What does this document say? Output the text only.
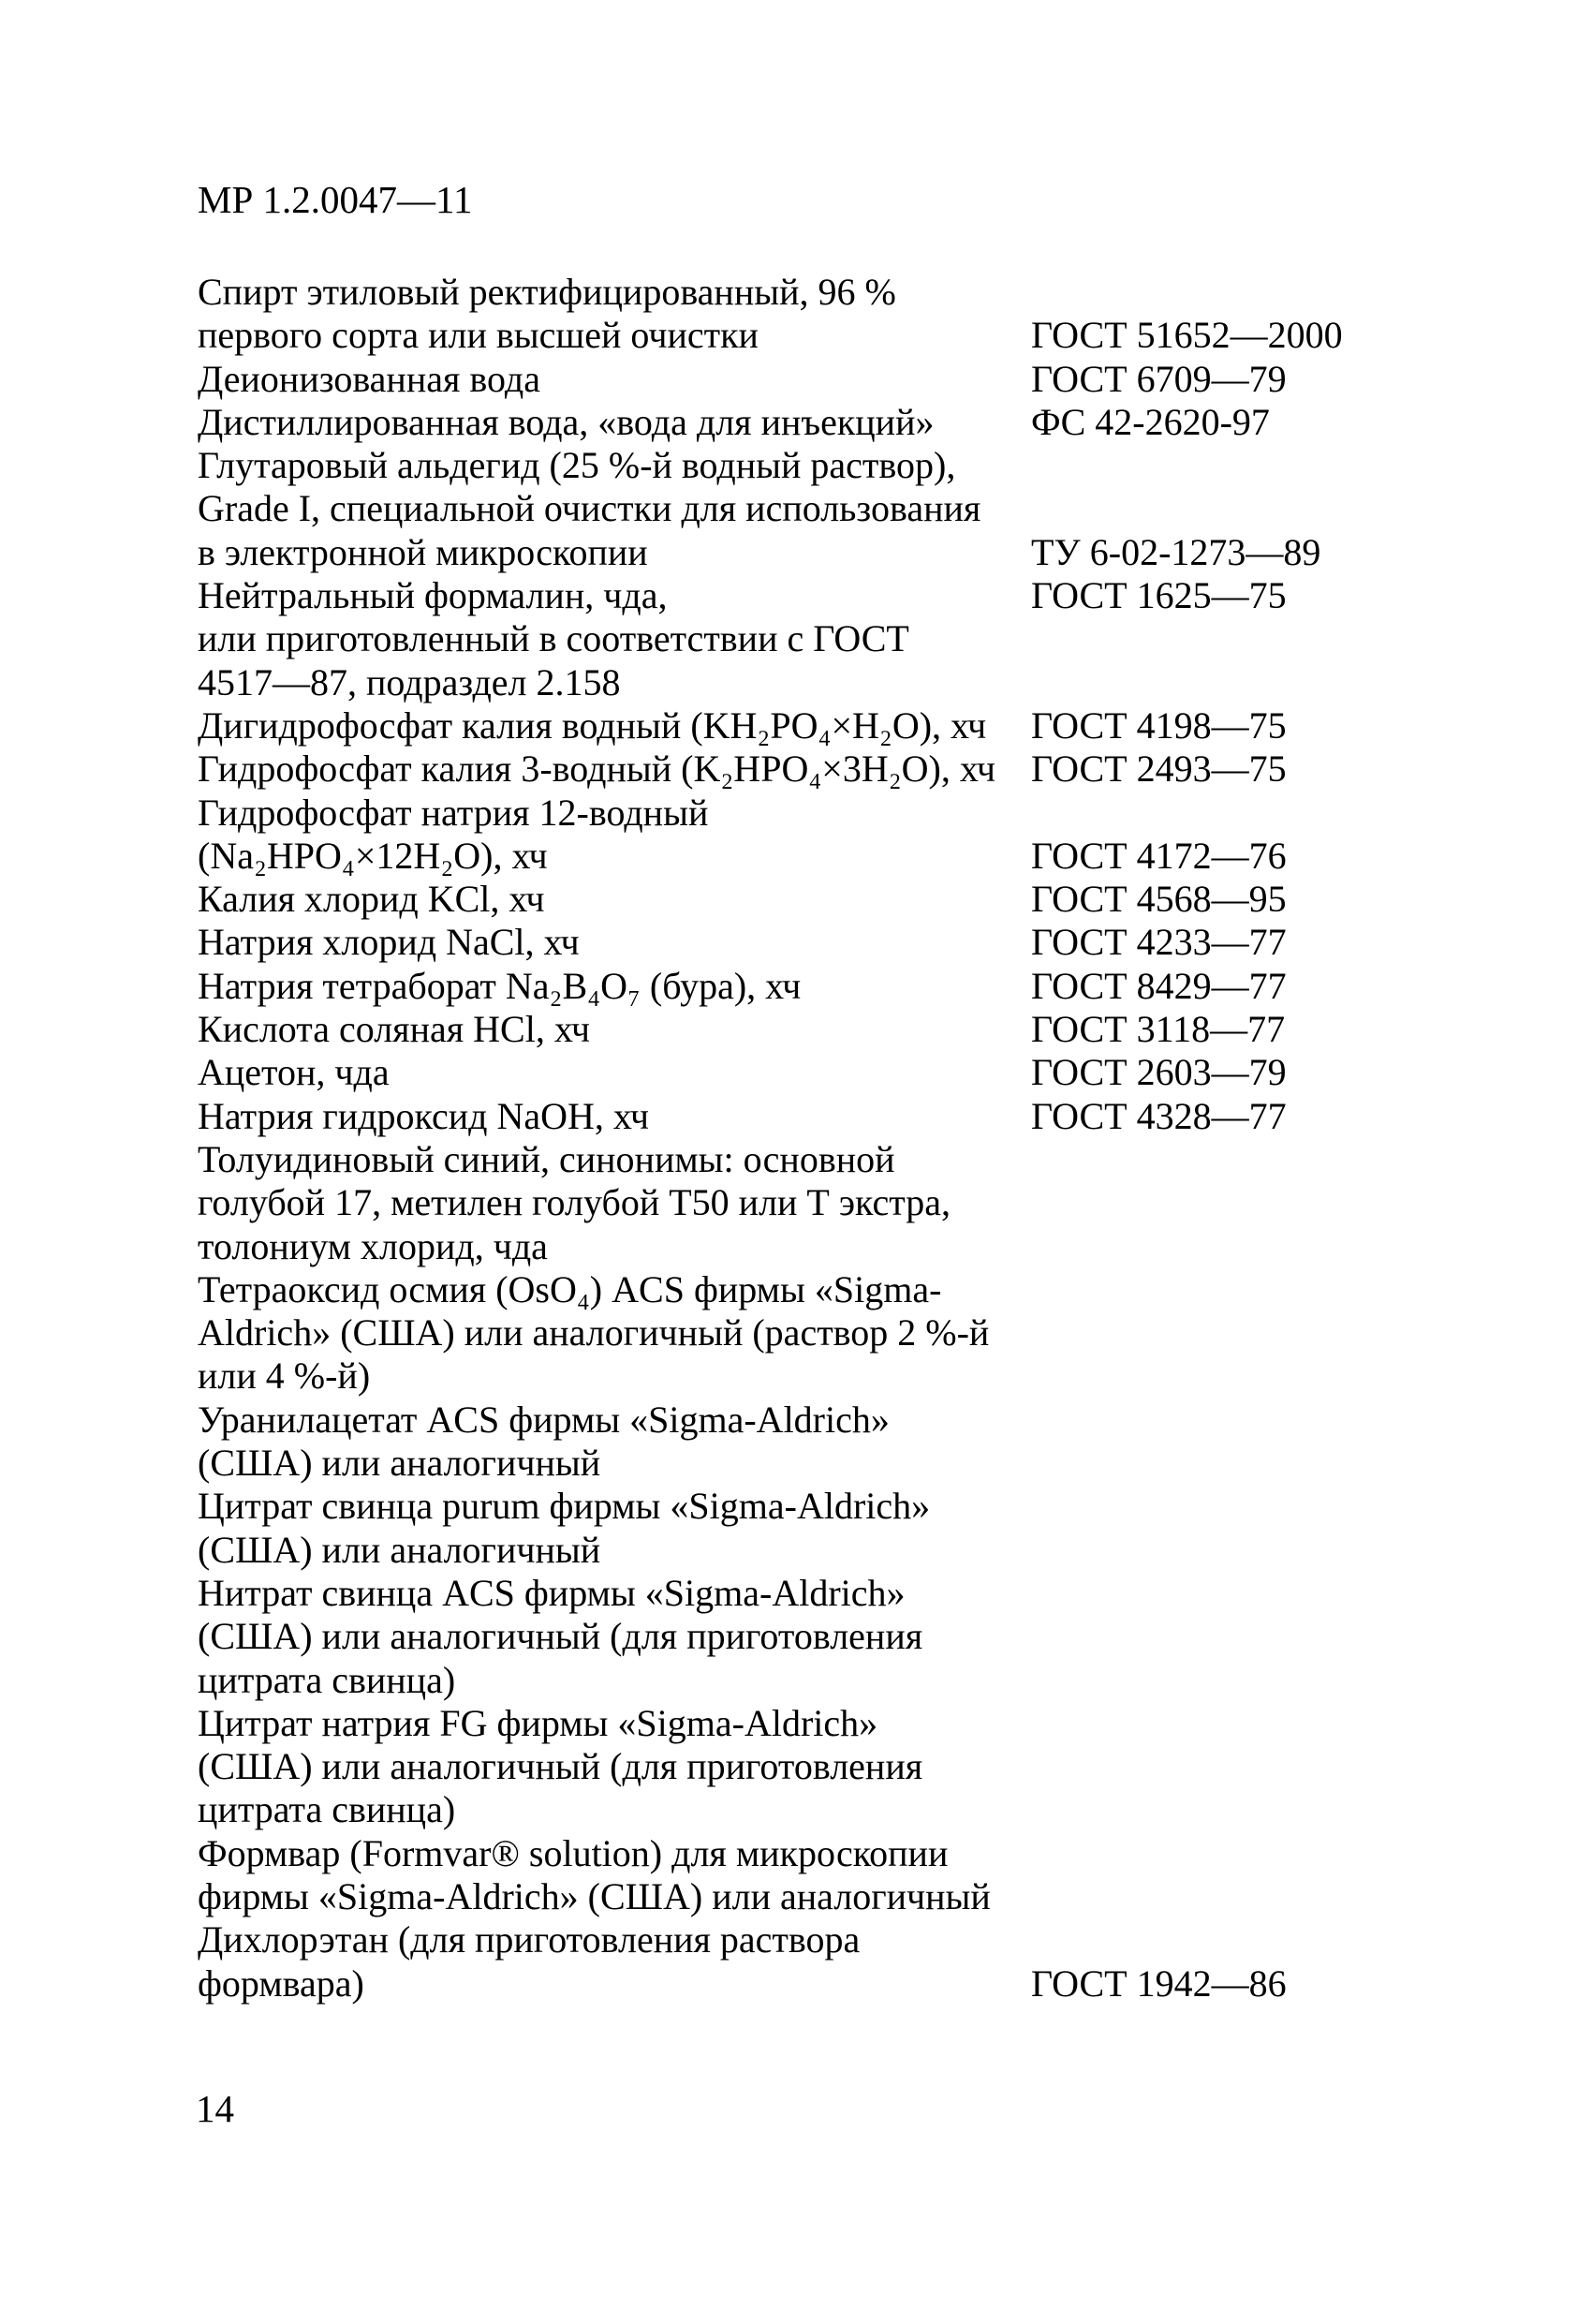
МР 1.2.0047—11
Спирт этиловый ректифицированный, 96 %
первого сорта или высшей очистки	ГОСТ 51652—2000
Деионизованная вода	ГОСТ 6709—79
Дистиллированная вода, «вода для инъекций»	ФС 42-2620-97
Глутаровый альдегид (25 %-й водный раствор),
Grade I, специальной очистки для использования
в электронной микроскопии	ТУ 6-02-1273—89
Нейтральный формалин, чда,	ГОСТ 1625—75
или приготовленный в соответствии с ГОСТ
4517—87, подраздел 2.158
Дигидрофосфат калия водный (KH₂PO₄×H₂O), хч	ГОСТ 4198—75
Гидрофосфат калия 3-водный (K₂HPO₄×3H₂O), хч ГОСТ 2493—75
Гидрофосфат натрия 12-водный
(Na₂HPO₄×12H₂O), хч	ГОСТ 4172—76
Калия хлорид KCl, хч	ГОСТ 4568—95
Натрия хлорид NaCl, хч	ГОСТ 4233—77
Натрия тетраборат Na₂B₄O₇ (бура), хч	ГОСТ 8429—77
Кислота соляная HCl, хч	ГОСТ 3118—77
Ацетон, чда	ГОСТ 2603—79
Натрия гидроксид NaOH, хч	ГОСТ 4328—77
Толуидиновый синий, синонимы: основной
голубой 17, метилен голубой Т50 или Т экстра,
толониум хлорид, чда
Тетраоксид осмия (OsO₄) ACS фирмы «Sigma-
Aldrich» (США) или аналогичный (раствор 2 %-й
или 4 %-й)
Уранилацетат ACS фирмы «Sigma-Aldrich»
(США) или аналогичный
Цитрат свинца purum фирмы «Sigma-Aldrich»
(США) или аналогичный
Нитрат свинца ACS фирмы «Sigma-Aldrich»
(США) или аналогичный (для приготовления
цитрата свинца)
Цитрат натрия FG фирмы «Sigma-Aldrich»
(США) или аналогичный (для приготовления
цитрата свинца)
Формвар (Formvar® solution) для микроскопии
фирмы «Sigma-Aldrich» (США) или аналогичный
Дихлорэтан (для приготовления раствора
формвара)	ГОСТ 1942—86
14
